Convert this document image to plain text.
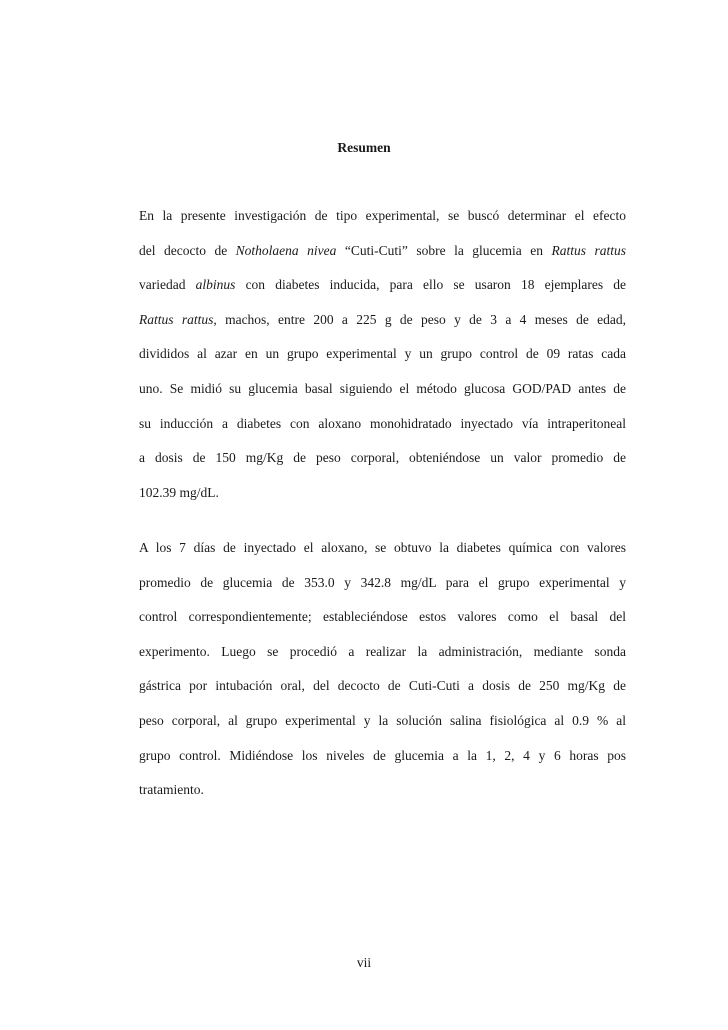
Resumen
En la presente investigación de tipo experimental, se buscó determinar el efecto
del decocto de Notholaena nivea “Cuti-Cuti” sobre la glucemia en Rattus rattus
variedad albinus con diabetes inducida, para ello se usaron 18 ejemplares de
Rattus rattus, machos, entre 200 a 225 g de peso y de 3 a 4 meses de edad,
divididos al azar en un grupo experimental y un grupo control de 09 ratas cada
uno. Se midió su glucemia basal siguiendo el método glucosa GOD/PAD antes de
su inducción a diabetes con aloxano monohidratado inyectado vía intraperitoneal
a dosis de 150 mg/Kg de peso corporal, obteniéndose un valor promedio de
102.39 mg/dL.
A los 7 días de inyectado el aloxano, se obtuvo la diabetes química con valores
promedio de glucemia de 353.0 y 342.8 mg/dL para el grupo experimental y
control correspondientemente; estableciéndose estos valores como el basal del
experimento. Luego se procedió a realizar la administración, mediante sonda
gástrica por intubación oral, del decocto de Cuti-Cuti a dosis de 250 mg/Kg de
peso corporal, al grupo experimental y la solución salina fisiológica al 0.9 % al
grupo control. Midiéndose los niveles de glucemia a la 1, 2, 4 y 6 horas pos
tratamiento.
vii
